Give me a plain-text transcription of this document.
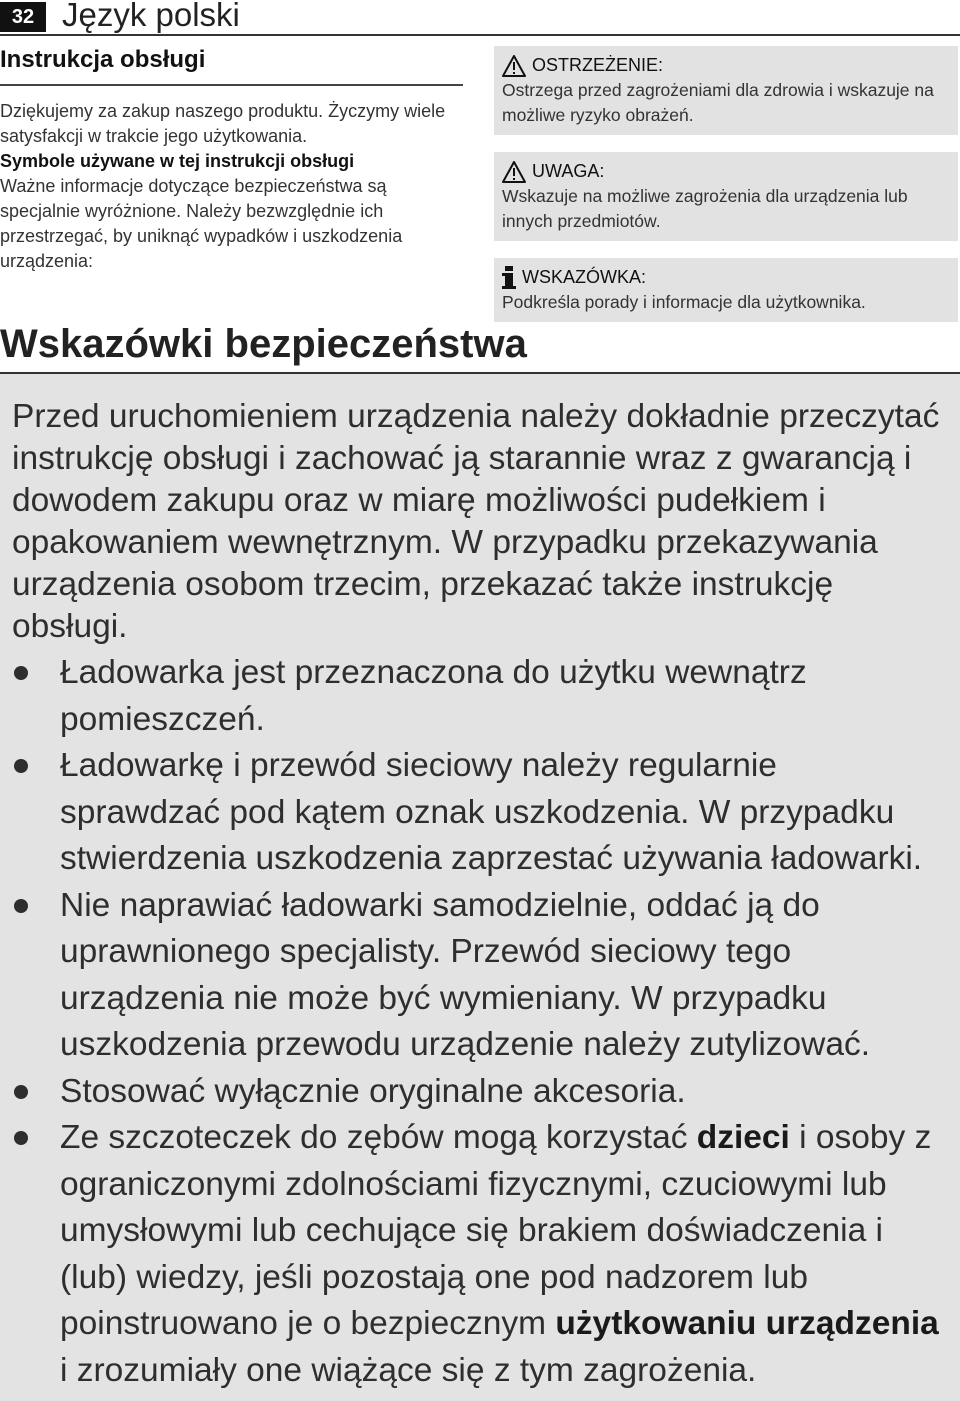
32 Język polski
Instrukcja obsługi

Dziękujemy za zakup naszego produktu. Życzymy wiele satysfakcji w trakcie jego użytkowania.

Symbole używane w tej instrukcji obsługi

Ważne informacje dotyczące bezpieczeństwa są specjalnie wyróżnione. Należy bezwzględnie ich przestrzegać, by uniknąć wypadków i uszkodzenia urządzenia:

OSTRZEŻENIE:

Ostrzega przed zagrożeniami dla zdrowia i wskazuje na możliwe ryzyko obrażeń.

UWAGA:

Wskazuje na możliwe zagrożenia dla urządzenia lub innych przedmiotów.

WSKAZÓWKA:

Podkreśla porady i informacje dla użytkownika.

Wskazówki bezpieczeństwa

Przed uruchomieniem urządzenia należy dokładnie przeczytać instrukcję obsługi i zachować ją starannie wraz z gwarancją i dowodem zakupu oraz w miarę możliwości pudełkiem i opakowaniem wewnętrznym. W przypadku przekazywania urządzenia osobom trzecim, przekazać także instrukcję obsługi.

Ładowarka jest przeznaczona do użytku wewnątrz pomieszczeń.
Ładowarkę i przewód sieciowy należy regularnie sprawdzać pod kątem oznak uszkodzenia. W przypadku stwierdzenia uszkodzenia zaprzestać używania ładowarki.
Nie naprawiać ładowarki samodzielnie, oddać ją do uprawnionego specjalisty. Przewód sieciowy tego urządzenia nie może być wymieniany. W przypadku uszkodzenia przewodu urządzenie należy zutylizować.
Stosować wyłącznie oryginalne akcesoria.
Ze szczoteczek do zębów mogą korzystać dzieci i osoby z ograniczonymi zdolnościami fizycznymi, czuciowymi lub umysłowymi lub cechujące się brakiem doświadczenia i (lub) wiedzy, jeśli pozostają one pod nadzorem lub poinstruowano je o bezpiecznym użytkowaniu urządzenia i zrozumiały one wiążące się z tym zagrożenia.
